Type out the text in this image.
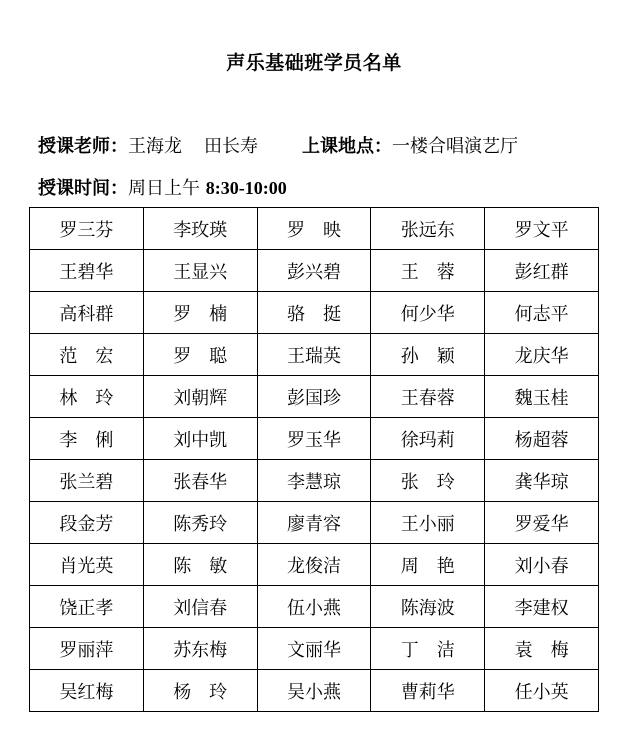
声乐基础班学员名单
授课老师：王海龙 田长寿 上课地点：一楼合唱演艺厅
授课时间：周日上午 8:30-10:00
罗三芬	李玫瑛	罗　映	张远东	罗文平
王碧华	王显兴	彭兴碧	王　蓉	彭红群
高科群	罗　楠	骆　挺	何少华	何志平
范　宏	罗　聪	王瑞英	孙　颖	龙庆华
林　玲	刘朝辉	彭国珍	王春蓉	魏玉桂
李　俐	刘中凯	罗玉华	徐玛莉	杨超蓉
张兰碧	张春华	李慧琼	张　玲	龚华琼
段金芳	陈秀玲	廖青容	王小丽	罗爱华
肖光英	陈　敏	龙俊洁	周　艳	刘小春
饶正孝	刘信春	伍小燕	陈海波	李建权
罗丽萍	苏东梅	文丽华	丁　洁	袁　梅
吴红梅	杨　玲	吴小燕	曹莉华	任小英
